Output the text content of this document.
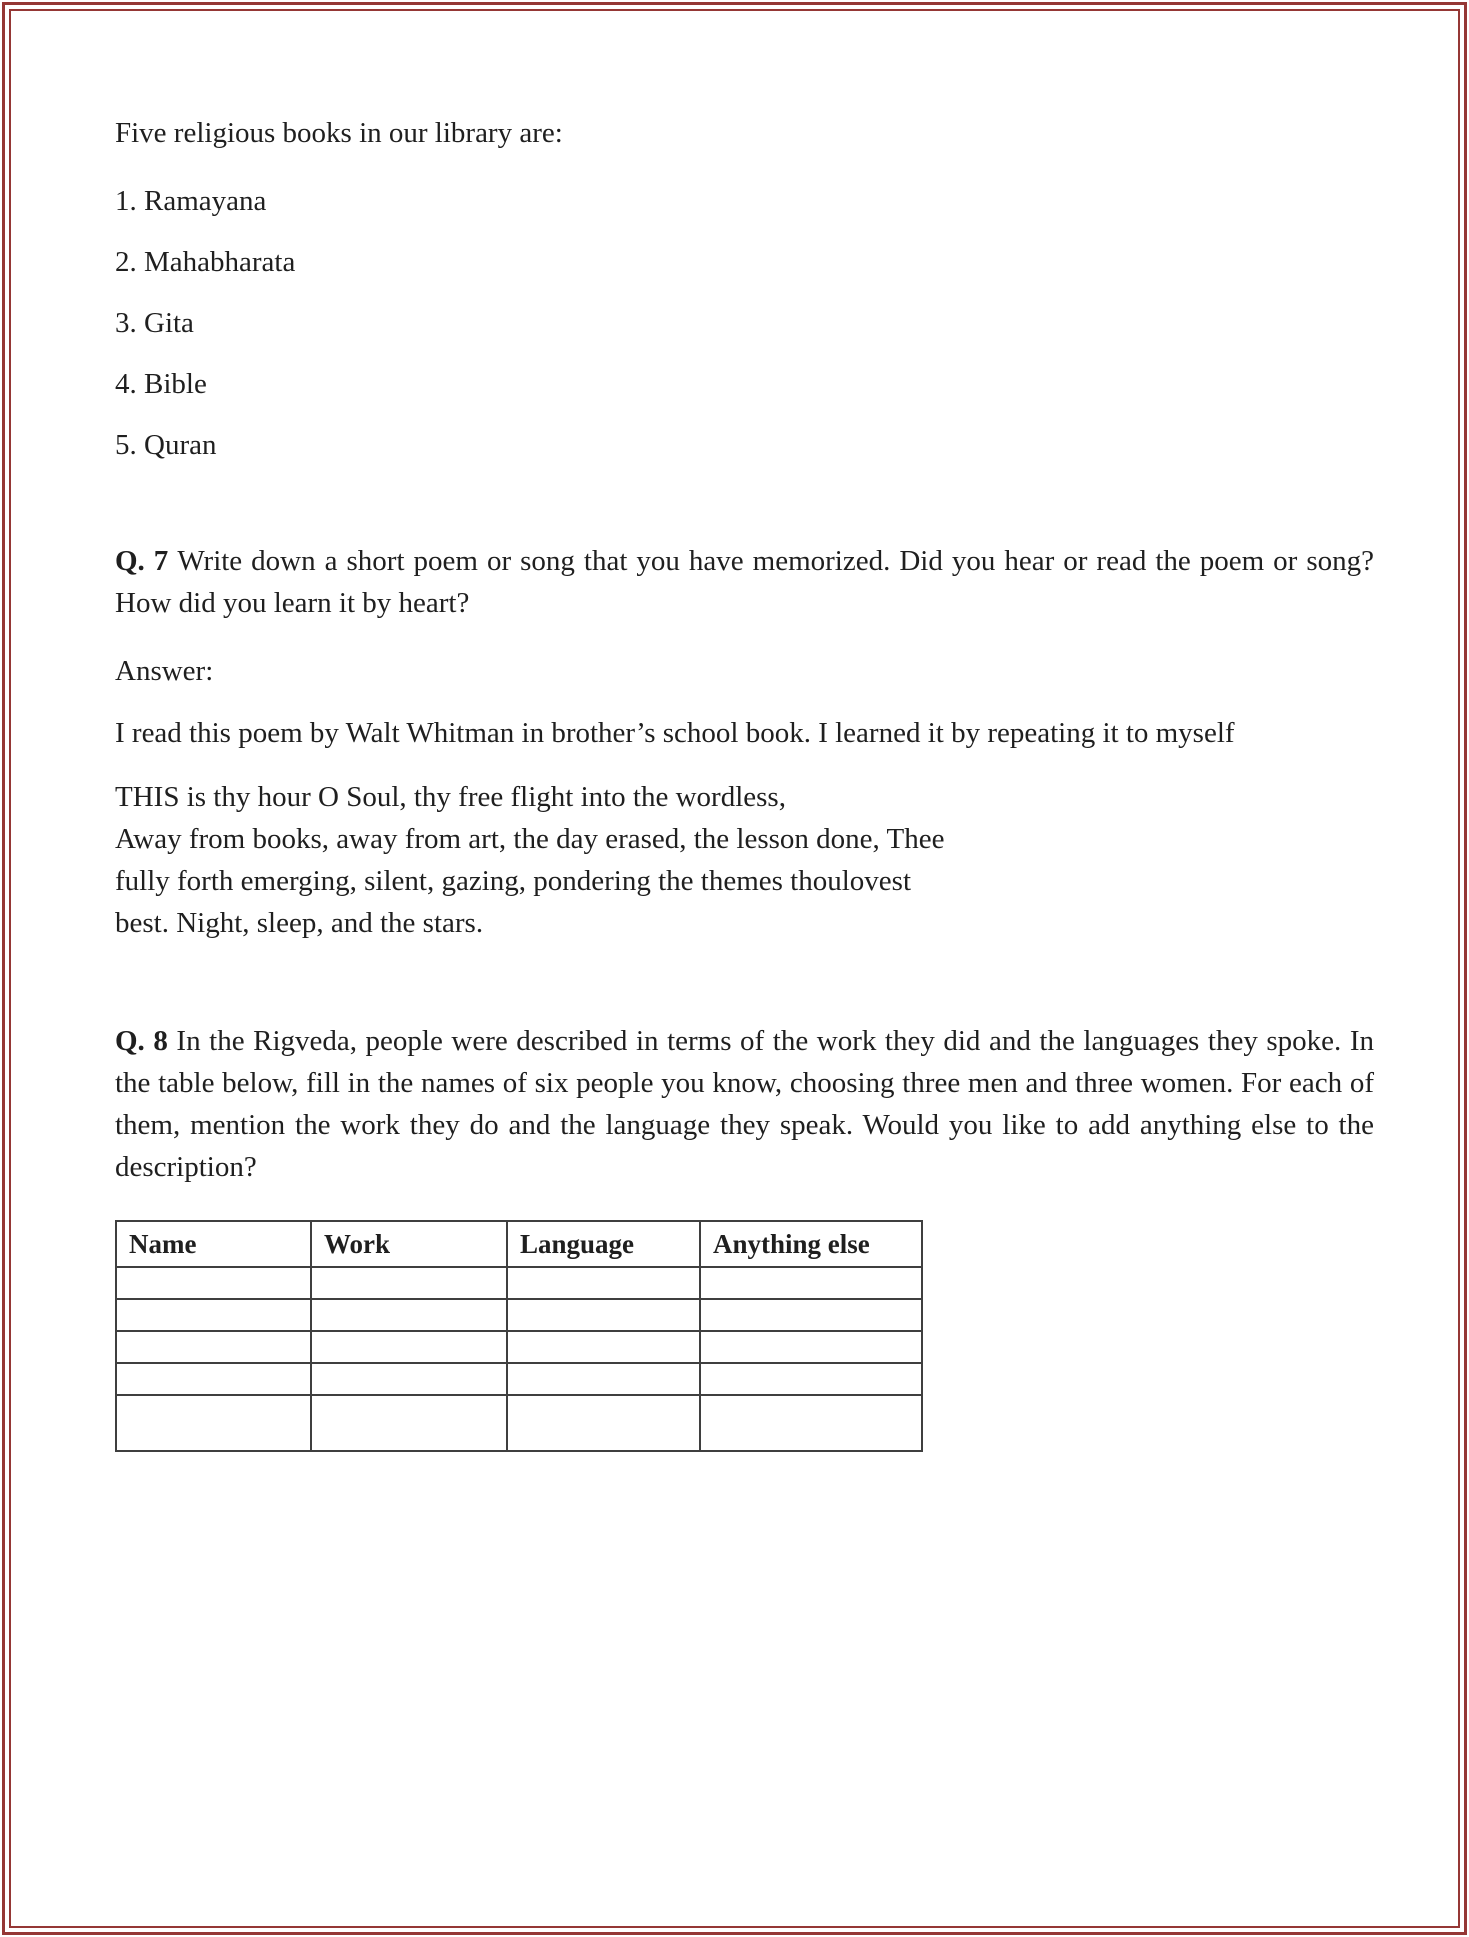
Five religious books in our library are:

1. Ramayana

2. Mahabharata

3. Gita

4. Bible

5. Quran

Q. 7 Write down a short poem or song that you have memorized. Did you hear or read the poem or song? How did you learn it by heart?

Answer:

I read this poem by Walt Whitman in brother’s school book. I learned it by repeating it to myself

THIS is thy hour O Soul, thy free flight into the wordless,

Away from books, away from art, the day erased, the lesson done, Thee

fully forth emerging, silent, gazing, pondering the themes thoulovest

best. Night, sleep, and the stars.

Q. 8 In the Rigveda, people were described in terms of the work they did and the languages they spoke. In the table below, fill in the names of six people you know, choosing three men and three women. For each of them, mention the work they do and the language they speak. Would you like to add anything else to the description?

Name	Work	Language	Anything else
